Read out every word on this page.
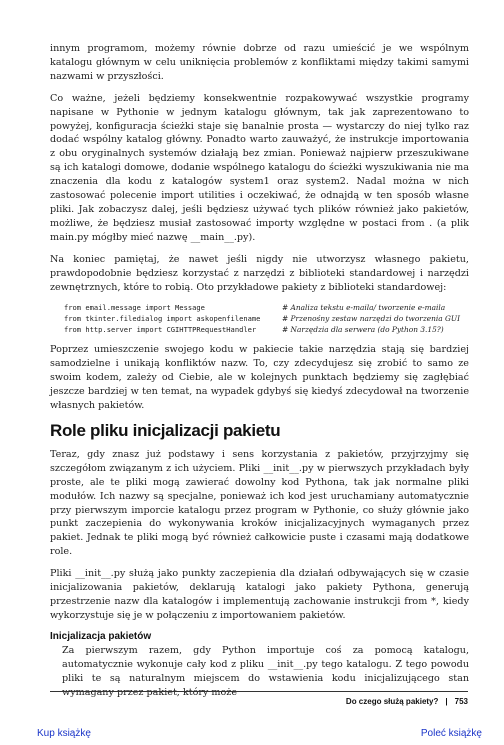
innym programom, możemy równie dobrze od razu umieścić je we wspólnym katalogu głównym w celu uniknięcia problemów z konfliktami między takimi samymi nazwami w przyszłości.

Co ważne, jeżeli będziemy konsekwentnie rozpakowywać wszystkie programy napisane w Pythonie w jednym katalogu głównym, tak jak zaprezentowano to powyżej, konfiguracja ścieżki staje się banalnie prosta — wystarczy do niej tylko raz dodać wspólny katalog główny. Ponadto warto zauważyć, że instrukcje importowania z obu oryginalnych systemów działają bez zmian. Ponieważ najpierw przeszukiwane są ich katalogi domowe, dodanie wspólnego katalogu do ścieżki wyszukiwania nie ma znaczenia dla kodu z katalogów system1 oraz system2. Nadal można w nich zastosować polecenie import utilities i oczekiwać, że odnajdą w ten sposób własne pliki. Jak zobaczysz dalej, jeśli będziesz używać tych plików również jako pakietów, możliwe, że będziesz musiał zastosować importy względne w postaci from . (a plik main.py mógłby mieć nazwę __main__.py).

Na koniec pamiętaj, że nawet jeśli nigdy nie utworzysz własnego pakietu, prawdopodobnie będziesz korzystać z narzędzi z biblioteki standardowej i narzędzi zewnętrznych, które to robią. Oto przykładowe pakiety z biblioteki standardowej:

from email.message import Message	# Analiza tekstu e-maila/ tworzenie e-maila
from tkinter.filedialog import askopenfilename	# Przenośny zestaw narzędzi do tworzenia GUI
from http.server import CGIHTTPRequestHandler	# Narzędzia dla serwera (do Python 3.15?)

Poprzez umieszczenie swojego kodu w pakiecie takie narzędzia stają się bardziej samodzielne i unikają konfliktów nazw. To, czy zdecydujesz się zrobić to samo ze swoim kodem, zależy od Ciebie, ale w kolejnych punktach będziemy się zagłębiać jeszcze bardziej w ten temat, na wypadek gdybyś się kiedyś zdecydował na tworzenie własnych pakietów.

Role pliku inicjalizacji pakietu

Teraz, gdy znasz już podstawy i sens korzystania z pakietów, przyjrzyjmy się szczegółom związanym z ich użyciem. Pliki __init__.py w pierwszych przykładach były proste, ale te pliki mogą zawierać dowolny kod Pythona, tak jak normalne pliki modułów. Ich nazwy są specjalne, ponieważ ich kod jest uruchamiany automatycznie przy pierwszym imporcie katalogu przez program w Pythonie, co służy głównie jako punkt zaczepienia do wykonywania kroków inicjalizacyjnych wymaganych przez pakiet. Jednak te pliki mogą być również całkowicie puste i czasami mają dodatkowe role.

Pliki __init__.py służą jako punkty zaczepienia dla działań odbywających się w czasie inicjalizowania pakietów, deklarują katalogi jako pakiety Pythona, generują przestrzenie nazw dla katalogów i implementują zachowanie instrukcji from *, kiedy wykorzystuje się je w połączeniu z importowaniem pakietów.

Inicjalizacja pakietów

Za pierwszym razem, gdy Python importuje coś za pomocą katalogu, automatycznie wykonuje cały kod z pliku __init__.py tego katalogu. Z tego powodu pliki te są naturalnym miejscem do wstawienia kodu inicjalizującego stan wymagany przez pakiet, który może

Do czego służą pakiety? | 753
Kup książkę	Poleć książkę
